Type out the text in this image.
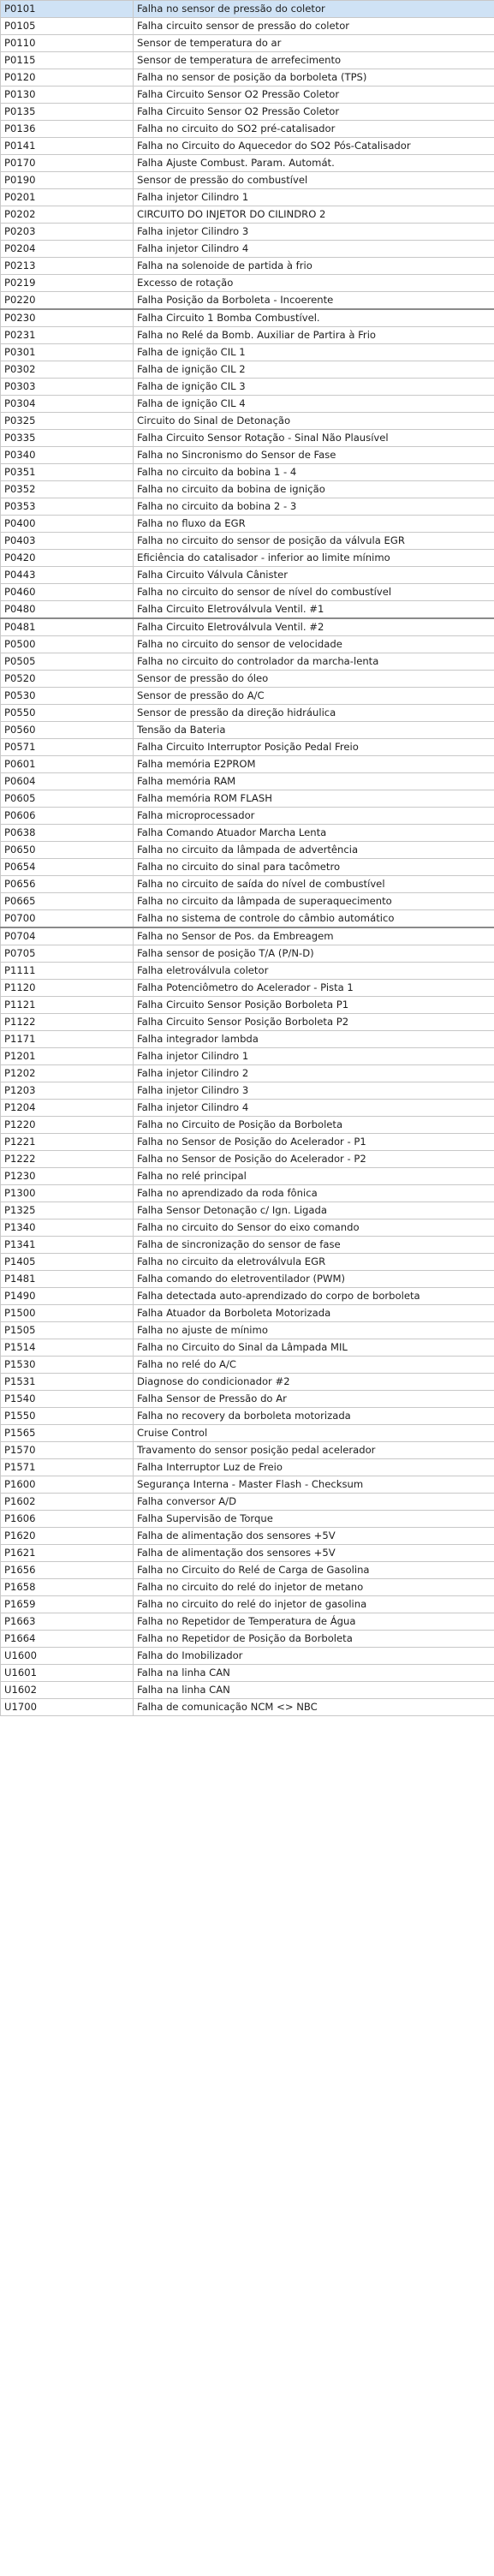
P0101	Falha no sensor de pressão do coletor
P0105	Falha circuito sensor de pressão do coletor
P0110	Sensor de temperatura do ar
P0115	Sensor de temperatura de arrefecimento
P0120	Falha no sensor de posição da borboleta (TPS)
P0130	Falha Circuito Sensor O2 Pressão Coletor
P0135	Falha Circuito Sensor O2 Pressão Coletor
P0136	Falha no circuito do SO2 pré-catalisador
P0141	Falha no Circuito do Aquecedor do SO2 Pós-Catalisador
P0170	Falha Ajuste Combust. Param. Automát.
P0190	Sensor de pressão do combustível
P0201	Falha injetor Cilindro 1
P0202	CIRCUITO DO INJETOR DO CILINDRO 2
P0203	Falha injetor Cilindro 3
P0204	Falha injetor Cilindro 4
P0213	Falha na solenoide de partida à frio
P0219	Excesso de rotação
P0220	Falha Posição da Borboleta - Incoerente
P0230	Falha Circuito 1 Bomba Combustível.
P0231	Falha no Relé da Bomb. Auxiliar de Partira à Frio
P0301	Falha de ignição CIL 1
P0302	Falha de ignição CIL 2
P0303	Falha de ignição CIL 3
P0304	Falha de ignição CIL 4
P0325	Circuito do Sinal de Detonação
P0335	Falha Circuito Sensor Rotação - Sinal Não Plausível
P0340	Falha no Sincronismo do Sensor de Fase
P0351	Falha no circuito da bobina 1 - 4
P0352	Falha no circuito da bobina de ignição
P0353	Falha no circuito da bobina 2 - 3
P0400	Falha no fluxo da EGR
P0403	Falha no circuito do sensor de posição da válvula EGR
P0420	Eficiência do catalisador - inferior ao limite mínimo
P0443	Falha Circuito Válvula Cânister
P0460	Falha no circuito do sensor de nível do combustível
P0480	Falha Circuito Eletroválvula Ventil. #1
P0481	Falha Circuito Eletroválvula Ventil. #2
P0500	Falha no circuito do sensor de velocidade
P0505	Falha no circuito do controlador da marcha-lenta
P0520	Sensor de pressão do óleo
P0530	Sensor de pressão do A/C
P0550	Sensor de pressão da direção hidráulica
P0560	Tensão da Bateria
P0571	Falha Circuito Interruptor Posição Pedal Freio
P0601	Falha memória E2PROM
P0604	Falha memória RAM
P0605	Falha memória ROM FLASH
P0606	Falha microprocessador
P0638	Falha Comando Atuador Marcha Lenta
P0650	Falha no circuito da lâmpada de advertência
P0654	Falha no circuito do sinal para tacômetro
P0656	Falha no circuito de saída do nível de combustível
P0665	Falha no circuito da lâmpada de superaquecimento
P0700	Falha no sistema de controle do câmbio automático
P0704	Falha no Sensor de Pos. da Embreagem
P0705	Falha sensor de posição T/A (P/N-D)
P1111	Falha eletroválvula coletor
P1120	Falha Potenciômetro do Acelerador - Pista 1
P1121	Falha Circuito Sensor Posição Borboleta P1
P1122	Falha Circuito Sensor Posição Borboleta P2
P1171	Falha integrador lambda
P1201	Falha injetor Cilindro 1
P1202	Falha injetor Cilindro 2
P1203	Falha injetor Cilindro 3
P1204	Falha injetor Cilindro 4
P1220	Falha no Circuito de Posição da Borboleta
P1221	Falha no Sensor de Posição do Acelerador - P1
P1222	Falha no Sensor de Posição do Acelerador - P2
P1230	Falha no relé principal
P1300	Falha no aprendizado da roda fônica
P1325	Falha Sensor Detonação c/ Ign. Ligada
P1340	Falha no circuito do Sensor do eixo comando
P1341	Falha de sincronização do sensor de fase
P1405	Falha no circuito da eletroválvula EGR
P1481	Falha comando do eletroventilador (PWM)
P1490	Falha detectada auto-aprendizado do corpo de borboleta
P1500	Falha Atuador da Borboleta Motorizada
P1505	Falha no ajuste de mínimo
P1514	Falha no Circuito do Sinal da Lâmpada MIL
P1530	Falha no relé do A/C
P1531	Diagnose do condicionador #2
P1540	Falha Sensor de Pressão do Ar
P1550	Falha no recovery da borboleta motorizada
P1565	Cruise Control
P1570	Travamento do sensor posição pedal acelerador
P1571	Falha Interruptor Luz de Freio
P1600	Segurança Interna - Master Flash - Checksum
P1602	Falha conversor A/D
P1606	Falha Supervisão de Torque
P1620	Falha de alimentação dos sensores +5V
P1621	Falha de alimentação dos sensores +5V
P1656	Falha no Circuito do Relé de Carga de Gasolina
P1658	Falha no circuito do relé do injetor de metano
P1659	Falha no circuito do relé do injetor de gasolina
P1663	Falha no Repetidor de Temperatura de Água
P1664	Falha no Repetidor de Posição da Borboleta
U1600	Falha do Imobilizador
U1601	Falha na linha CAN
U1602	Falha na linha CAN
U1700	Falha de comunicação NCM <> NBC
